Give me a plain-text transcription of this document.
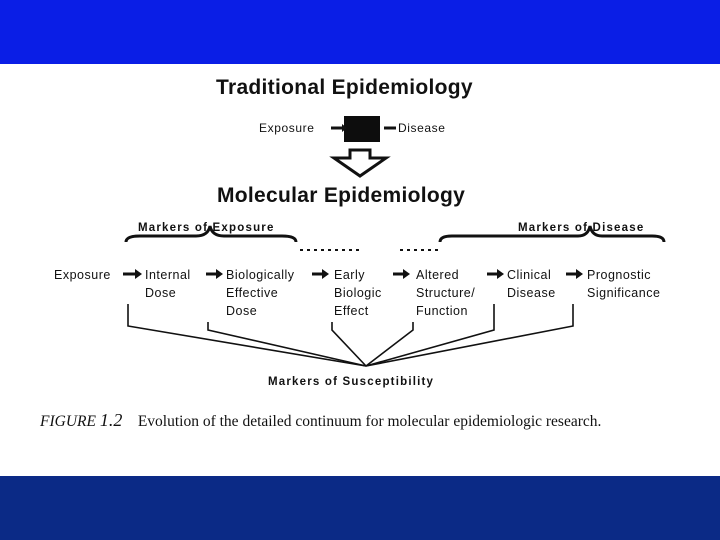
Traditional Epidemiology
Exposure	Disease
Molecular Epidemiology
Markers of Exposure	Markers of Disease
Exposure	Internal
Dose
Biologically
Effective
Dose
Early
Biologic
Effect
Altered
Structure/
Function
Clinical
Disease
Prognostic
Significance
Markers of Susceptibility
FIGURE 1.2 Evolution of the detailed continuum for molecular epidemiologic research.
